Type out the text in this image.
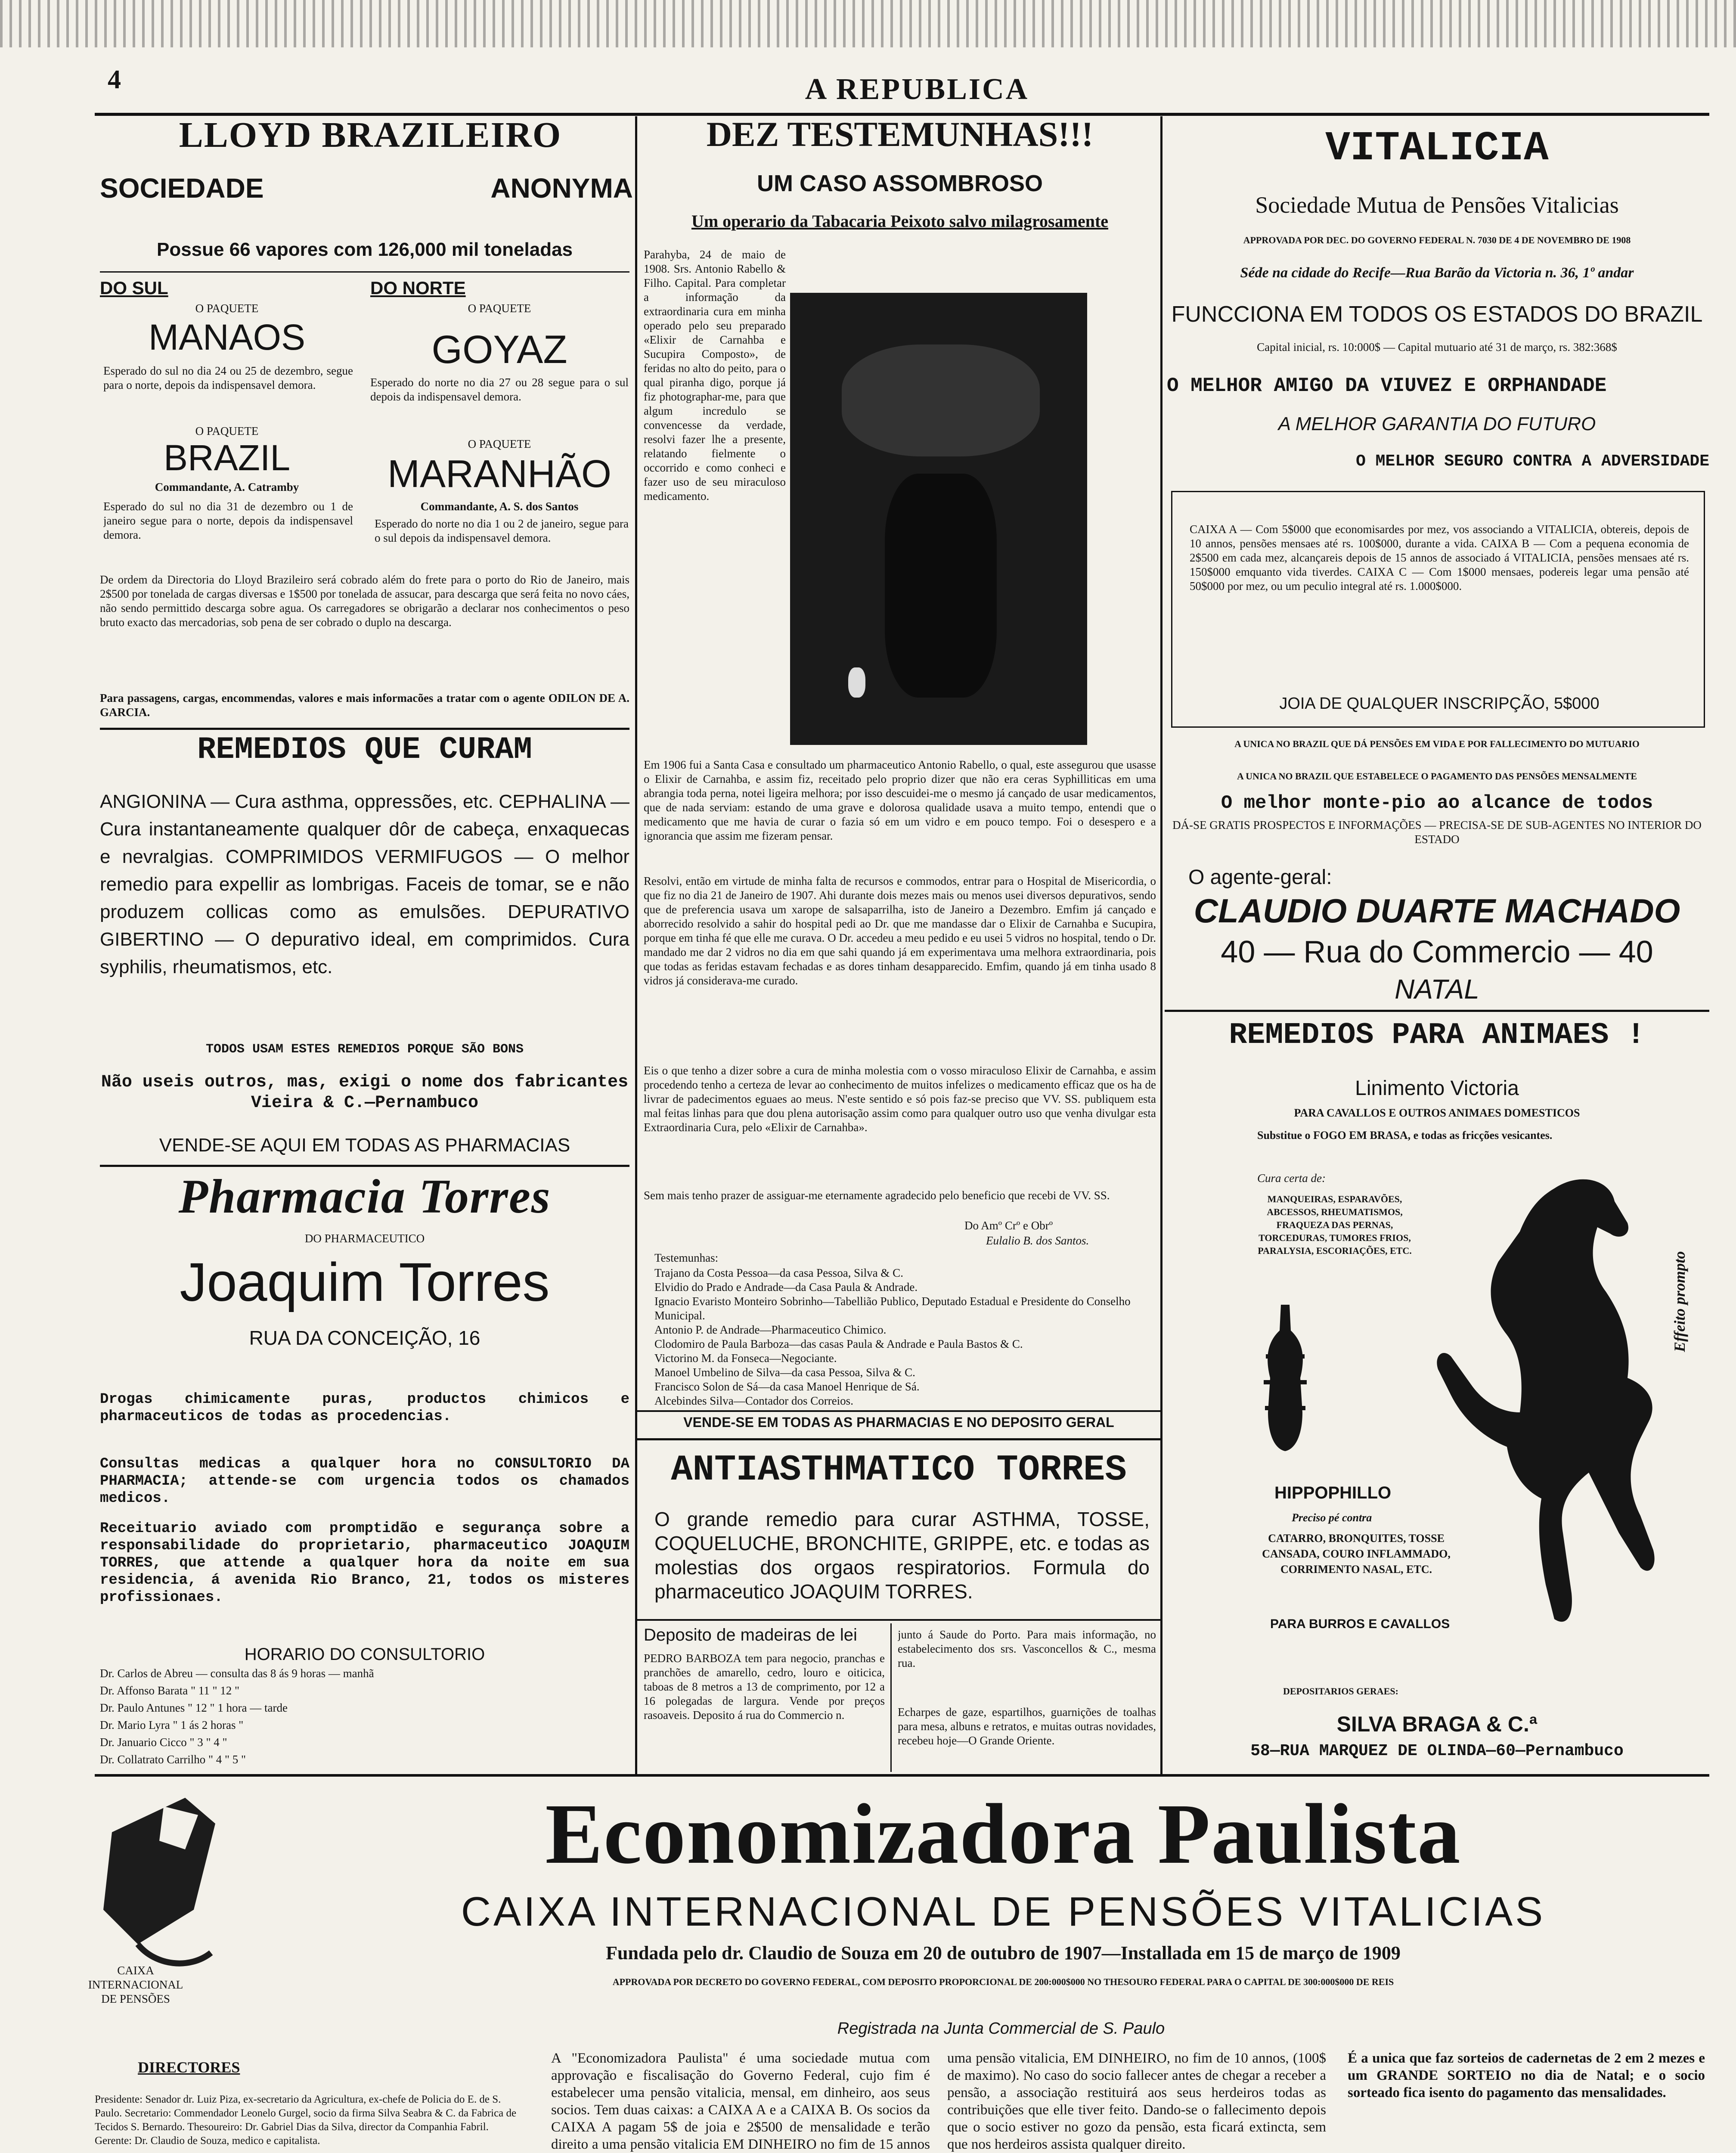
4	A REPUBLICA
LLOYD BRAZILEIRO
SOCIEDADE	ANONYMA
Possue 66 vapores com 126,000 mil toneladas
DO SUL	DO NORTE
O PAQUETE
MANAOS
Esperado do sul no dia 24 ou 25 de dezembro, segue para o norte, depois da indispensavel demora.
O PAQUETE
GOYAZ
Esperado do norte no dia 27 ou 28 segue para o sul depois da indispensavel demora.
O PAQUETE
BRAZIL
Commandante, A. Catramby
Esperado do sul no dia 31 de dezembro ou 1 de janeiro segue para o norte, depois da indispensavel demora.
O PAQUETE
MARANHÃO
Commandante, A. S. dos Santos
Esperado do norte no dia 1 ou 2 de janeiro, segue para o sul depois da indispensavel demora.
De ordem da Directoria do Lloyd Brazileiro será cobrado além do frete para o porto do Rio de Janeiro, mais 2$500 por tonelada de cargas diversas e 1$500 por tonelada de assucar, para descarga que será feita no novo cáes, não sendo permittido descarga sobre agua. Os carregadores se obrigarão a declarar nos conhecimentos o peso bruto exacto das mercadorias, sob pena de ser cobrado o duplo na descarga.
Para passagens, cargas, encommendas, valores e mais informacões a tratar com o agente ODILON DE A. GARCIA.
REMEDIOS QUE CURAM
ANGIONINA — Cura asthma, oppressões, etc. CEPHALINA — Cura instantaneamente qualquer dôr de cabeça, enxaquecas e nevralgias. COMPRIMIDOS VERMIFUGOS — O melhor remedio para expellir as lombrigas. Faceis de tomar, se e não produzem collicas como as emulsões. DEPURATIVO GIBERTINO — O depurativo ideal, em comprimidos. Cura syphilis, rheumatismos, etc.
TODOS USAM ESTES REMEDIOS PORQUE SÃO BONS
Não useis outros, mas, exigi o nome dos fabricantes Vieira & C.—Pernambuco
VENDE-SE AQUI EM TODAS AS PHARMACIAS
Pharmacia Torres
DO PHARMACEUTICO
Joaquim Torres
RUA DA CONCEIÇÃO, 16
Drogas chimicamente puras, productos chimicos e pharmaceuticos de todas as procedencias.
Consultas medicas a qualquer hora no CONSULTORIO DA PHARMACIA; attende-se com urgencia todos os chamados medicos.
Receituario aviado com promptidão e segurança sobre a responsabilidade do proprietario, pharmaceutico JOAQUIM TORRES, que attende a qualquer hora da noite em sua residencia, á avenida Rio Branco, 21, todos os misteres profissionaes.
HORARIO DO CONSULTORIO
Dr. Carlos de Abreu — consulta das 8 ás 9 horas — manhã
Dr. Affonso Barata " 11 " 12 "
Dr. Paulo Antunes " 12 " 1 hora — tarde
Dr. Mario Lyra " 1 ás 2 horas "
Dr. Januario Cicco " 3 " 4 "
Dr. Collatrato Carrilho " 4 " 5 "
DEZ TESTEMUNHAS!!!
UM CASO ASSOMBROSO
Um operario da Tabacaria Peixoto salvo milagrosamente
Parahyba, 24 de maio de 1908. Srs. Antonio Rabello & Filho. Capital. Para completar a informação da extraordinaria cura em minha operado pelo seu preparado «Elixir de Carnahba e Sucupira Composto», de feridas no alto do peito, para o qual piranha digo, porque já fiz photographar-me, para que algum incredulo se convencesse da verdade, resolvi fazer lhe a presente, relatando fielmente o occorrido e como conheci e fazer uso de seu miraculoso medicamento.
Em 1906 fui a Santa Casa e consultado um pharmaceutico Antonio Rabello, o qual, este assegurou que usasse o Elixir de Carnahba, e assim fiz, receitado pelo proprio dizer que não era ceras Syphilliticas em uma abrangia toda perna, notei ligeira melhora; por isso descuidei-me o mesmo já cançado de usar medicamentos, que de nada serviam: estando de uma grave e dolorosa qualidade usava a muito tempo, entendi que o medicamento que me havia de curar o fazia só em um vidro e em pouco tempo. Foi o desespero e a ignorancia que assim me fizeram pensar.
Resolvi, então em virtude de minha falta de recursos e commodos, entrar para o Hospital de Misericordia, o que fiz no dia 21 de Janeiro de 1907. Ahi durante dois mezes mais ou menos usei diversos depurativos, sendo que de preferencia usava um xarope de salsaparrilha, isto de Janeiro a Dezembro. Emfim já cançado e aborrecido resolvido a sahir do hospital pedi ao Dr. que me mandasse dar o Elixir de Carnahba e Sucupira, porque em tinha fé que elle me curava. O Dr. accedeu a meu pedido e eu usei 5 vidros no hospital, tendo o Dr. mandado me dar 2 vidros no dia em que sahi quando já em experimentava uma melhora extraordinaria, pois que todas as feridas estavam fechadas e as dores tinham desapparecido. Emfim, quando já em tinha usado 8 vidros já considerava-me curado.
Eis o que tenho a dizer sobre a cura de minha molestia com o vosso miraculoso Elixir de Carnahba, e assim procedendo tenho a certeza de levar ao conhecimento de muitos infelizes o medicamento efficaz que os ha de livrar de padecimentos eguaes ao meus. N'este sentido e só pois faz-se preciso que VV. SS. publiquem esta mal feitas linhas para que dou plena autorisação assim como para qualquer outro uso que venha divulgar esta Extraordinaria Cura, pelo «Elixir de Carnahba».
Sem mais tenho prazer de assiguar-me eternamente agradecido pelo beneficio que recebi de VV. SS.
Do Amº Crº e Obrº
Eulalio B. dos Santos.
Testemunhas:
Trajano da Costa Pessoa—da casa Pessoa, Silva & C.
Elvidio do Prado e Andrade—da Casa Paula & Andrade.
Ignacio Evaristo Monteiro Sobrinho—Tabellião Publico, Deputado Estadual e Presidente do Conselho Municipal.
Antonio P. de Andrade—Pharmaceutico Chimico.
Clodomiro de Paula Barboza—das casas Paula & Andrade e Paula Bastos & C.
Victorino M. da Fonseca—Negociante.
Manoel Umbelino de Silva—da casa Pessoa, Silva & C.
Francisco Solon de Sá—da casa Manoel Henrique de Sá.
Alcebindes Silva—Contador dos Correios.
VENDE-SE EM TODAS AS PHARMACIAS E NO DEPOSITO GERAL
ANTIASTHMATICO TORRES
O grande remedio para curar ASTHMA, TOSSE, COQUELUCHE, BRONCHITE, GRIPPE, etc. e todas as molestias dos orgaos respiratorios. Formula do pharmaceutico JOAQUIM TORRES.
Deposito de madeiras de lei
PEDRO BARBOZA tem para negocio, pranchas e pranchões de amarello, cedro, louro e oiticica, taboas de 8 metros a 13 de comprimento, por 12 a 16 polegadas de largura. Vende por preços rasoaveis. Deposito á rua do Commercio n.
junto á Saude do Porto. Para mais informação, no estabelecimento dos srs. Vasconcellos & C., mesma rua.
Echarpes de gaze, espartilhos, guarnições de toalhas para mesa, albuns e retratos, e muitas outras novidades, recebeu hoje—O Grande Oriente.
VITALICIA
Sociedade Mutua de Pensões Vitalicias
APPROVADA POR DEC. DO GOVERNO FEDERAL N. 7030 DE 4 DE NOVEMBRO DE 1908
Séde na cidade do Recife—Rua Barão da Victoria n. 36, 1º andar
FUNCCIONA EM TODOS OS ESTADOS DO BRAZIL
Capital inicial, rs. 10:000$ — Capital mutuario até 31 de março, rs. 382:368$
O MELHOR AMIGO DA VIUVEZ E ORPHANDADE
A MELHOR GARANTIA DO FUTURO
O MELHOR SEGURO CONTRA A ADVERSIDADE
CAIXA A — Com 5$000 que economisardes por mez, vos associando a VITALICIA, obtereis, depois de 10 annos, pensões mensaes até rs. 100$000, durante a vida. CAIXA B — Com a pequena economia de 2$500 em cada mez, alcançareis depois de 15 annos de associado á VITALICIA, pensões mensaes até rs. 150$000 emquanto vida tiverdes. CAIXA C — Com 1$000 mensaes, podereis legar uma pensão até 50$000 por mez, ou um peculio integral até rs. 1.000$000.
JOIA DE QUALQUER INSCRIPÇÃO, 5$000
A UNICA NO BRAZIL QUE DÁ PENSÕES EM VIDA E POR FALLECIMENTO DO MUTUARIO
A UNICA NO BRAZIL QUE ESTABELECE O PAGAMENTO DAS PENSÕES MENSALMENTE
O melhor monte-pio ao alcance de todos
DÁ-SE GRATIS PROSPECTOS E INFORMAÇÕES — PRECISA-SE DE SUB-AGENTES NO INTERIOR DO ESTADO
O agente-geral:
CLAUDIO DUARTE MACHADO
40 — Rua do Commercio — 40
NATAL
REMEDIOS PARA ANIMAES !
Linimento Victoria
PARA CAVALLOS E OUTROS ANIMAES DOMESTICOS
Substitue o FOGO EM BRASA, e todas as fricções vesicantes.
Cura certa de:
MANQUEIRAS, ESPARAVÕES, ABCESSOS, RHEUMATISMOS, FRAQUEZA DAS PERNAS, TORCEDURAS, TUMORES FRIOS, PARALYSIA, ESCORIAÇÕES, ETC.
Effeito prompto
HIPPOPHILLO
Preciso pé contra
CATARRO, BRONQUITES, TOSSE CANSADA, COURO INFLAMMADO, CORRIMENTO NASAL, ETC.
PARA BURROS E CAVALLOS
DEPOSITARIOS GERAES:
SILVA BRAGA & C.ª
58—RUA MARQUEZ DE OLINDA—60—Pernambuco
CAIXA INTERNACIONAL DE PENSÕES
Economizadora Paulista
CAIXA INTERNACIONAL DE PENSÕES VITALICIAS
Fundada pelo dr. Claudio de Souza em 20 de outubro de 1907—Installada em 15 de março de 1909
APPROVADA POR DECRETO DO GOVERNO FEDERAL, COM DEPOSITO PROPORCIONAL DE 200:000$000 NO THESOURO FEDERAL PARA O CAPITAL DE 300:000$000 DE REIS
Registrada na Junta Commercial de S. Paulo
DIRECTORES
Presidente: Senador dr. Luiz Piza, ex-secretario da Agricultura, ex-chefe de Policia do E. de S. Paulo. Secretario: Commendador Leonelo Gurgel, socio da firma Silva Seabra & C. da Fabrica de Tecidos S. Bernardo. Thesoureiro: Dr. Gabriel Dias da Silva, director da Companhia Fabril. Gerente: Dr. Claudio de Souza, medico e capitalista.
A "Economizadora Paulista" é uma sociedade mutua com approvação e fiscalisação do Governo Federal, cujo fim é estabelecer uma pensão vitalicia, mensal, em dinheiro, aos seus socios. Tem duas caixas: a CAIXA A e a CAIXA B. Os socios da CAIXA A pagam 5$ de joia e 2$500 de mensalidade e terão direito a uma pensão vitalicia EM DINHEIRO no fim de 15 annos
uma pensão vitalicia, EM DINHEIRO, no fim de 10 annos, (100$ de maximo). No caso do socio fallecer antes de chegar a receber a pensão, a associação restituirá aos seus herdeiros todas as contribuições que elle tiver feito. Dando-se o fallecimento depois que o socio estiver no gozo da pensão, esta ficará extincta, sem que nos herdeiros assista qualquer direito.
É a unica que faz sorteios de cadernetas de 2 em 2 mezes e um GRANDE SORTEIO no dia de Natal; e o socio sorteado fica isento do pagamento das mensalidades.
